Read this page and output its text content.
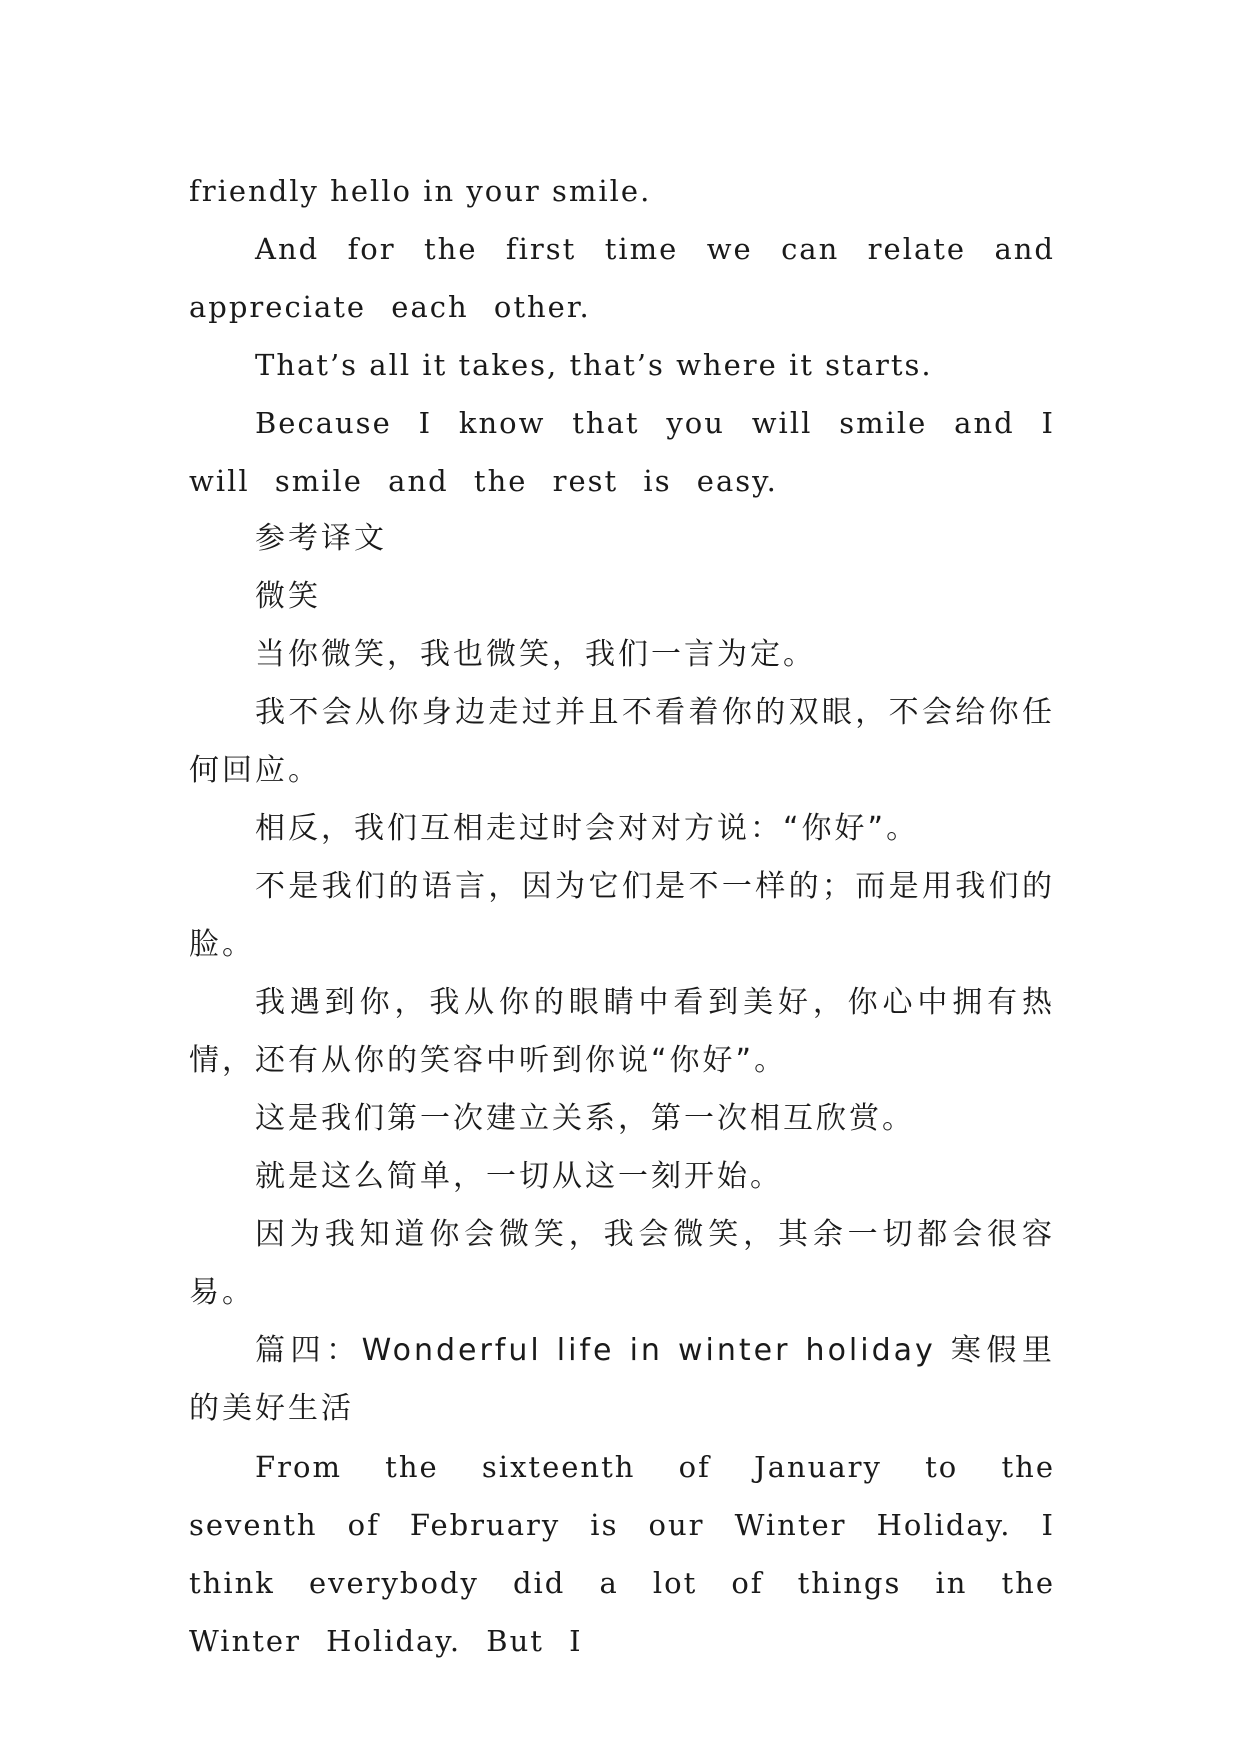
friendly hello in your smile.

And for the first time we can relate and appreciate each other.

That’s all it takes, that’s where it starts.

Because I know that you will smile and I will smile and the rest is easy.

参考译文

微笑

当你微笑，我也微笑，我们一言为定。

我不会从你身边走过并且不看着你的双眼，不会给你任何回应。

相反，我们互相走过时会对对方说：“你好”。

不是我们的语言，因为它们是不一样的；而是用我们的脸。

我遇到你，我从你的眼睛中看到美好，你心中拥有热情，还有从你的笑容中听到你说“你好”。

这是我们第一次建立关系，第一次相互欣赏。

就是这么简单，一切从这一刻开始。

因为我知道你会微笑，我会微笑，其余一切都会很容易。

篇四：Wonderful life in winter holiday 寒假里的美好生活

From the sixteenth of January to the seventh of February is our Winter Holiday. I think everybody did a lot of things in the Winter Holiday. But I
